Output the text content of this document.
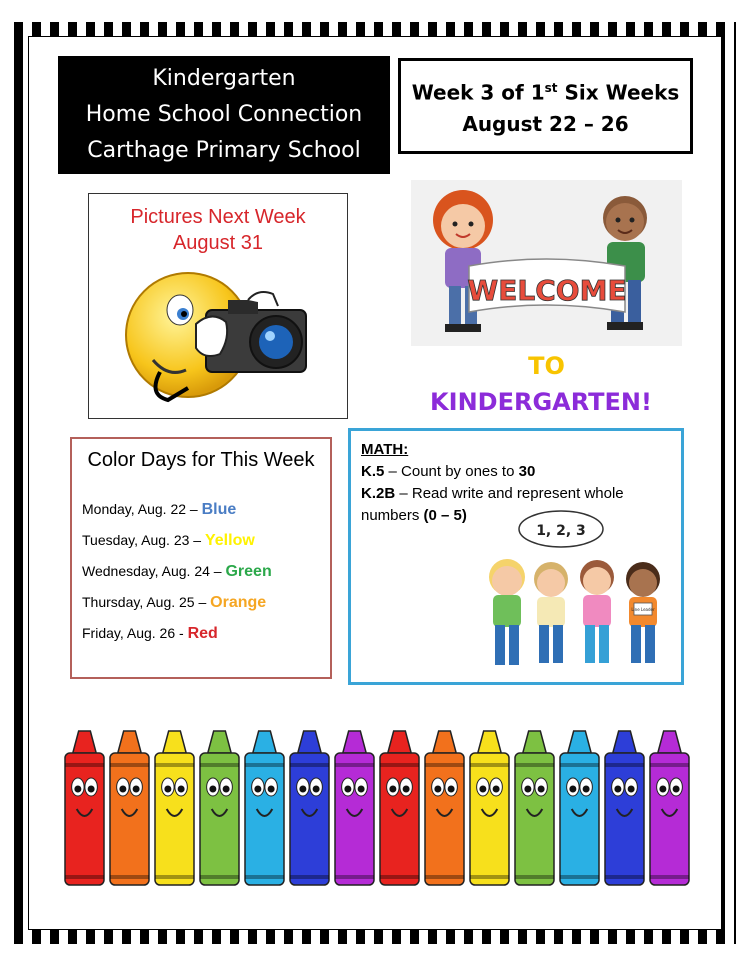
Kindergarten
Home School Connection
Carthage Primary School
Week 3 of 1st Six Weeks
August 22 – 26
Pictures Next Week
August 31
WELCOME
TO
KINDERGARTEN!
Color Days for This Week
Monday, Aug. 22 – Blue
Tuesday, Aug. 23 – Yellow
Wednesday, Aug. 24 – Green
Thursday, Aug. 25 – Orange
Friday, Aug. 26 - Red
MATH:
K.5 – Count by ones to 30
K.2B – Read write and represent whole numbers (0 – 5)
1, 2, 3
Line Leader
